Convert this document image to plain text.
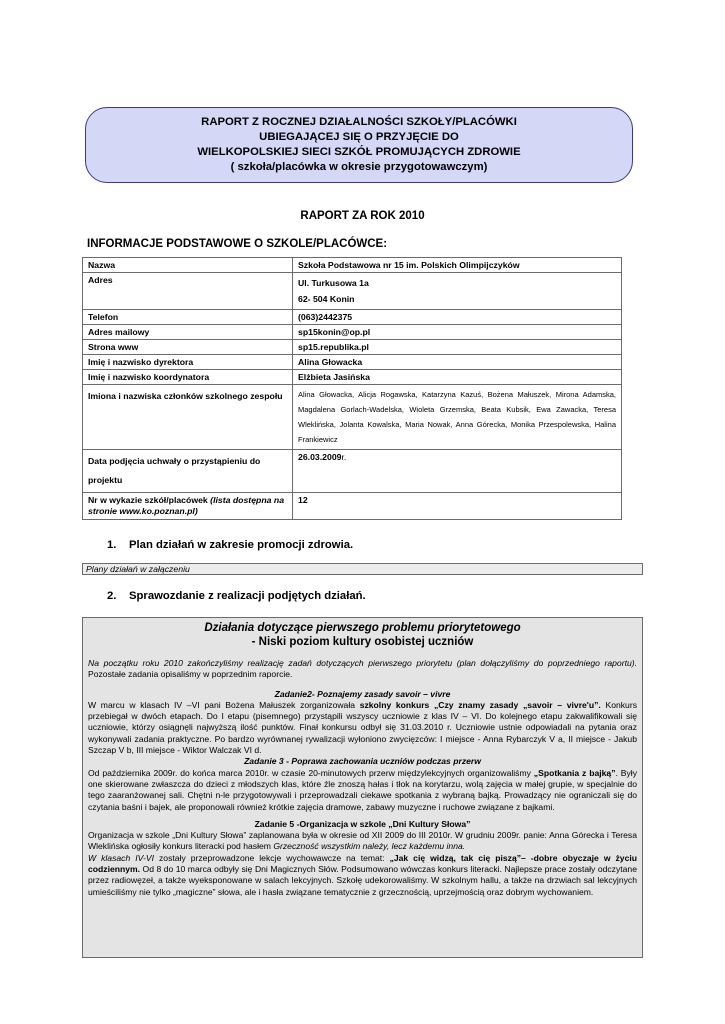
RAPORT Z ROCZNEJ DZIAŁALNOŚCI SZKOŁY/PLACÓWKI
UBIEGAJĄCEJ SIĘ O PRZYJĘCIE DO
WIELKOPOLSKIEJ SIECI SZKÓŁ PROMUJĄCYCH ZDROWIE
( szkoła/placówka w okresie przygotowawczym)
RAPORT ZA ROK 2010
INFORMACJE PODSTAWOWE O SZKOLE/PLACÓWCE:
Nazwa	Szkoła Podstawowa nr 15 im. Polskich Olimpijczyków
Adres	Ul. Turkusowa 1a
62- 504 Konin

Telefon	(063)2442375
Adres mailowy	sp15konin@op.pl
Strona www	sp15.republika.pl
Imię i nazwisko dyrektora	Alina Głowacka
Imię i nazwisko koordynatora	Elżbieta Jasińska
Imiona i nazwiska członków szkolnego zespołu	Alina Głowacka, Alicja Rogawska, Katarzyna Kazuś, Bożena Małuszek, Mirona Adamska, Magdalena Gorlach-Wadelska, Wioleta Grzemska, Beata Kubsik, Ewa Zawacka, Teresa Wleklińska, Jolanta Kowalska, Maria Nowak, Anna Górecka, Monika Przespolewska, Halina Frankiewicz
Data podjęcia uchwały o przystąpieniu do projektu	26.03.2009r.
Nr w wykazie szkół/placówek (lista dostępna na stronie www.ko.poznan.pl)	12
1. Plan działań w zakresie promocji zdrowia.
Plany działań w załączeniu
2. Sprawozdanie z realizacji podjętych działań.
Działania dotyczące pierwszego problemu priorytetowego
- Niski poziom kultury osobistej uczniów

Na początku roku 2010 zakończyliśmy realizację zadań dotyczących pierwszego priorytetu (plan dołączyliśmy do poprzedniego raportu). Pozostałe zadania opisaliśmy w poprzednim raporcie.

Zadanie2- Poznajemy zasady savoir – vivre

W marcu w klasach IV –VI pani Bożena Małuszek zorganizowała szkolny konkurs „Czy znamy zasady „savoir – vivre'u”. Konkurs przebiegał w dwóch etapach. Do I etapu (pisemnego) przystąpili wszyscy uczniowie z klas IV – VI. Do kolejnego etapu zakwalifikowali się uczniowie, którzy osiągnęli najwyższą ilość punktów. Finał konkursu odbył się 31.03.2010 r. Uczniowie ustnie odpowiadali na pytania oraz wykonywali zadania praktyczne. Po bardzo wyrównanej rywalizacji wyłoniono zwycięzców: I miejsce - Anna Rybarczyk V a, II miejsce - Jakub Szczap V b, III miejsce - Wiktor Walczak VI d.

Zadanie 3 - Poprawa zachowania uczniów podczas przerw

Od października 2009r. do końca marca 2010r. w czasie 20-minutowych przerw międzylekcyjnych organizowaliśmy „Spotkania z bajką”. Były one skierowane zwłaszcza do dzieci z młodszych klas, które źle znoszą hałas i tłok na korytarzu, wolą zajęcia w małej grupie, w specjalnie do tego zaaranżowanej sali. Chętni n-le przygotowywali i przeprowadzali ciekawe spotkania z wybraną bajką. Prowadzący nie ograniczali się do czytania baśni i bajek, ale proponowali również krótkie zajęcia dramowe, zabawy muzyczne i ruchowe związane z bajkami.

Zadanie 5 -Organizacja w szkole „Dni Kultury Słowa”

Organizacja w szkole „Dni Kultury Słowa” zaplanowana była w okresie od XII 2009 do III 2010r. W grudniu 2009r. panie: Anna Górecka i Teresa Wleklińska ogłosiły konkurs literacki pod hasłem Grzeczność wszystkim należy, lecz każdemu inna.
W klasach IV-VI zostały przeprowadzone lekcje wychowawcze na temat: „Jak cię widzą, tak cię piszą”– -dobre obyczaje w życiu codziennym. Od 8 do 10 marca odbyły się Dni Magicznych Słów. Podsumowano wówczas konkurs literacki. Najlepsze prace zostały odczytane przez radiowęzeł, a także wyeksponowane w salach lekcyjnych. Szkołę udekorowaliśmy. W szkolnym hallu, a także na drzwiach sal lekcyjnych umieściliśmy nie tylko „magiczne” słowa, ale i hasła związane tematycznie z grzecznością, uprzejmością oraz dobrym wychowaniem.
